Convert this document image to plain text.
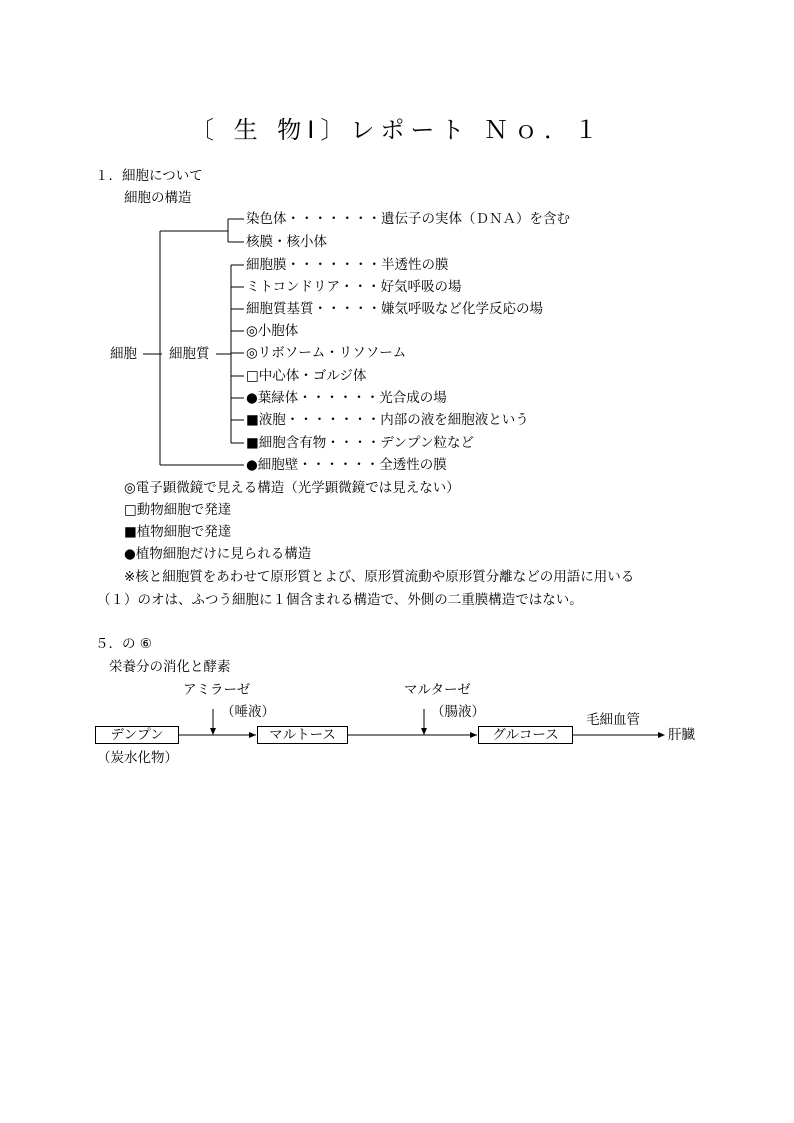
〔 生 物Ⅰ〕レポート Ｎｏ．１
１．細胞について
細胞の構造
細胞 細胞質
染色体・・・・・・・遺伝子の実体（ＤＮＡ）を含む
核膜・核小体
細胞膜・・・・・・・半透性の膜
ミトコンドリア・・・好気呼吸の場
細胞質基質・・・・・嫌気呼吸など化学反応の場
◎小胞体
◎リボソーム・リソソーム
□中心体・ゴルジ体
●葉緑体・・・・・・光合成の場
■液胞・・・・・・・内部の液を細胞液という
■細胞含有物・・・・デンプン粒など
●細胞壁・・・・・・全透性の膜
◎電子顕微鏡で見える構造（光学顕微鏡では見えない）
□動物細胞で発達
■植物細胞で発達
●植物細胞だけに見られる構造
※核と細胞質をあわせて原形質とよび、原形質流動や原形質分離などの用語に用いる
（１）のオは、ふつう細胞に１個含まれる構造で、外側の二重膜構造ではない。
５．の ⑥
栄養分の消化と酵素
アミラーゼ
（唾液）
マルターゼ
（腸液）	毛細血管
デンプン	マルトース	グルコース	肝臓
（炭水化物）
